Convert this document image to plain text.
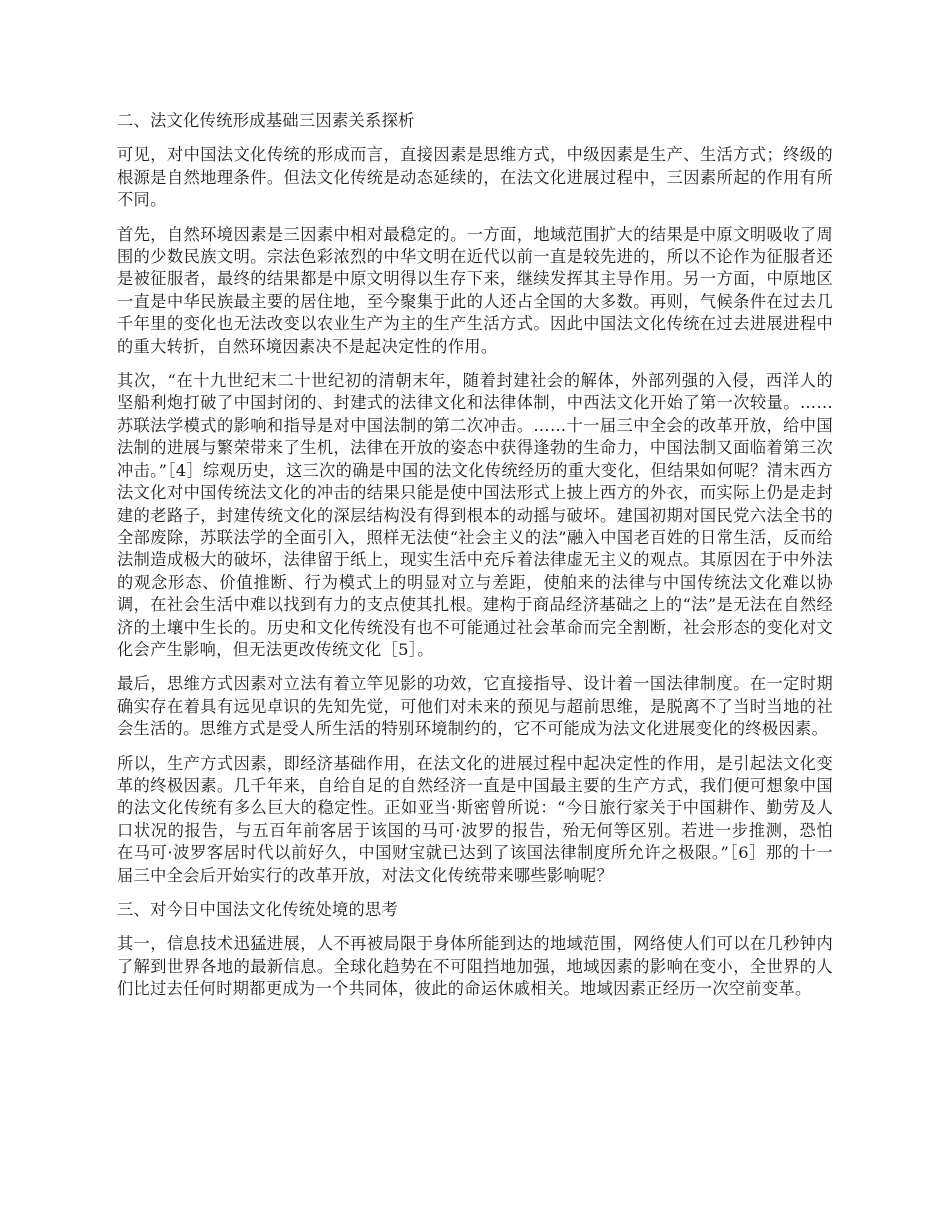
二、法文化传统形成基础三因素关系探析

可见，对中国法文化传统的形成而言，直接因素是思维方式，中级因素是生产、生活方式；终级的根源是自然地理条件。但法文化传统是动态延续的，在法文化进展过程中，三因素所起的作用有所不同。

首先，自然环境因素是三因素中相对最稳定的。一方面，地域范围扩大的结果是中原文明吸收了周围的少数民族文明。宗法色彩浓烈的中华文明在近代以前一直是较先进的，所以不论作为征服者还是被征服者，最终的结果都是中原文明得以生存下来，继续发挥其主导作用。另一方面，中原地区一直是中华民族最主要的居住地，至今聚集于此的人还占全国的大多数。再则，气候条件在过去几千年里的变化也无法改变以农业生产为主的生产生活方式。因此中国法文化传统在过去进展进程中的重大转折，自然环境因素决不是起决定性的作用。

其次，“在十九世纪末二十世纪初的清朝末年，随着封建社会的解体，外部列强的入侵，西洋人的坚船利炮打破了中国封闭的、封建式的法律文化和法律体制，中西法文化开始了第一次较量。……苏联法学模式的影响和指导是对中国法制的第二次冲击。……十一届三中全会的改革开放，给中国法制的进展与繁荣带来了生机，法律在开放的姿态中获得逢勃的生命力，中国法制又面临着第三次冲击。”［4］综观历史，这三次的确是中国的法文化传统经历的重大变化，但结果如何呢？清末西方法文化对中国传统法文化的冲击的结果只能是使中国法形式上披上西方的外衣，而实际上仍是走封建的老路子，封建传统文化的深层结构没有得到根本的动摇与破坏。建国初期对国民党六法全书的全部废除，苏联法学的全面引入，照样无法使“社会主义的法”融入中国老百姓的日常生活，反而给法制造成极大的破坏，法律留于纸上，现实生活中充斥着法律虚无主义的观点。其原因在于中外法的观念形态、价值推断、行为模式上的明显对立与差距，使舶来的法律与中国传统法文化难以协调，在社会生活中难以找到有力的支点使其扎根。建构于商品经济基础之上的“法”是无法在自然经济的土壤中生长的。历史和文化传统没有也不可能通过社会革命而完全割断，社会形态的变化对文化会产生影响，但无法更改传统文化［5］。

最后，思维方式因素对立法有着立竿见影的功效，它直接指导、设计着一国法律制度。在一定时期确实存在着具有远见卓识的先知先觉，可他们对未来的预见与超前思维，是脱离不了当时当地的社会生活的。思维方式是受人所生活的特别环境制约的，它不可能成为法文化进展变化的终极因素。

所以，生产方式因素，即经济基础作用，在法文化的进展过程中起决定性的作用，是引起法文化变革的终极因素。几千年来，自给自足的自然经济一直是中国最主要的生产方式，我们便可想象中国的法文化传统有多么巨大的稳定性。正如亚当·斯密曾所说：“今日旅行家关于中国耕作、勤劳及人口状况的报告，与五百年前客居于该国的马可·波罗的报告，殆无何等区别。若进一步推测，恐怕在马可·波罗客居时代以前好久，中国财宝就已达到了该国法律制度所允许之极限。”［6］那的十一届三中全会后开始实行的改革开放，对法文化传统带来哪些影响呢？

三、对今日中国法文化传统处境的思考

其一，信息技术迅猛进展，人不再被局限于身体所能到达的地域范围，网络使人们可以在几秒钟内了解到世界各地的最新信息。全球化趋势在不可阻挡地加强，地域因素的影响在变小，全世界的人们比过去任何时期都更成为一个共同体，彼此的命运休戚相关。地域因素正经历一次空前变革。
